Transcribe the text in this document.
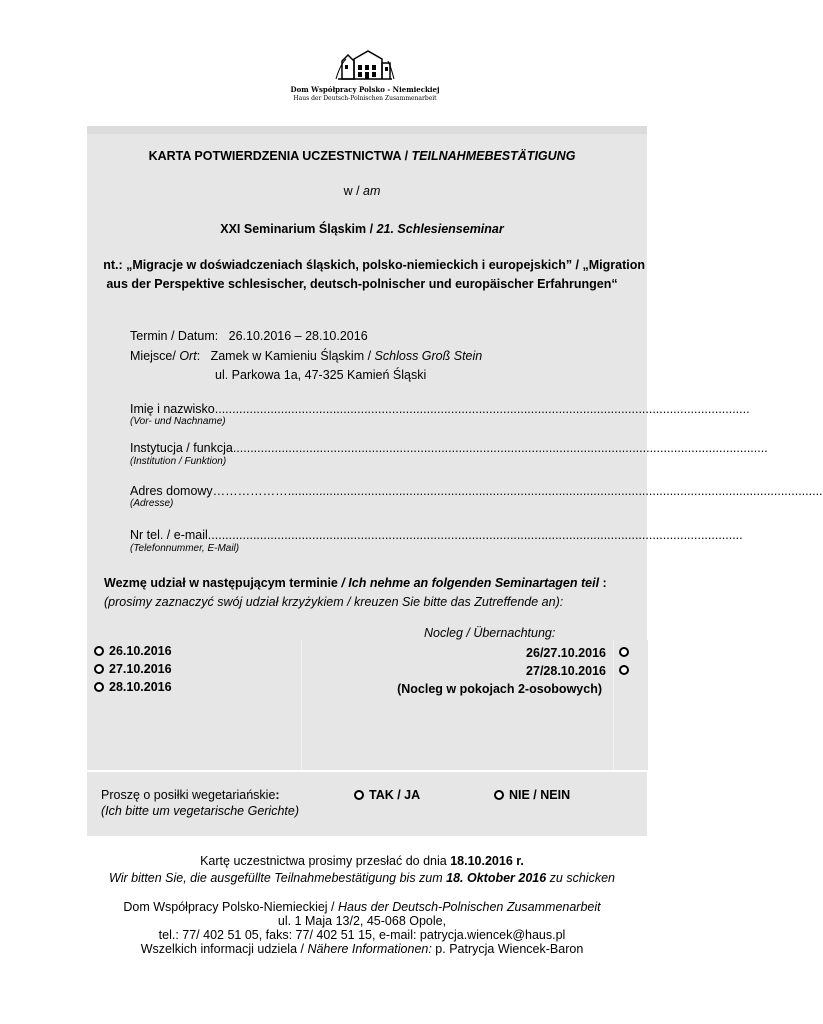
Dom Współpracy Polsko - Niemieckiej
Haus der Deutsch-Polnischen Zusammenarbeit
KARTA POTWIERDZENIA UCZESTNICTWA / TEILNAHMEBESTÄTIGUNG
w / am
XXI Seminarium Śląskim / 21. Schlesienseminar
nt.: „Migracje w doświadczeniach śląskich, polsko-niemieckich i europejskich” / „Migration
aus der Perspektive schlesischer, deutsch-polnischer und europäischer Erfahrungen“
Termin / Datum: 26.10.2016 – 28.10.2016
Miejsce/ Ort:   Zamek w Kamieniu Śląskim / Schloss Groß Stein
ul. Parkowa 1a, 47-325 Kamień Śląski
Imię i nazwisko..........................................................................................................................................................
(Vor- und Nachname)
Instytucja / funkcja..........................................................................................................................................................
(Institution / Funktion)
Adres domowy………………..........................................................................................................................................................
(Adresse)
Nr tel. / e-mail..........................................................................................................................................................
(Telefonnummer, E-Mail)
Wezmę udział w następującym terminie / Ich nehme an folgenden Seminartagen teil :
(prosimy zaznaczyć swój udział krzyżykiem / kreuzen Sie bitte das Zutreffende an):
Nocleg / Übernachtung:
26.10.2016
27.10.2016
28.10.2016
26/27.10.2016
27/28.10.2016
(Nocleg w pokojach 2-osobowych)
Proszę o posiłki wegetariańskie:
(Ich bitte um vegetarische Gerichte)
TAK / JA	NIE / NEIN
Kartę uczestnictwa prosimy przesłać do dnia 18.10.2016 r.
Wir bitten Sie, die ausgefüllte Teilnahmebestätigung bis zum 18. Oktober 2016 zu schicken
Dom Współpracy Polsko-Niemieckiej / Haus der Deutsch-Polnischen Zusammenarbeit
ul. 1 Maja 13/2, 45-068 Opole,
tel.: 77/ 402 51 05, faks: 77/ 402 51 15, e-mail: patrycja.wiencek@haus.pl
Wszelkich informacji udziela / Nähere Informationen: p. Patrycja Wiencek-Baron
